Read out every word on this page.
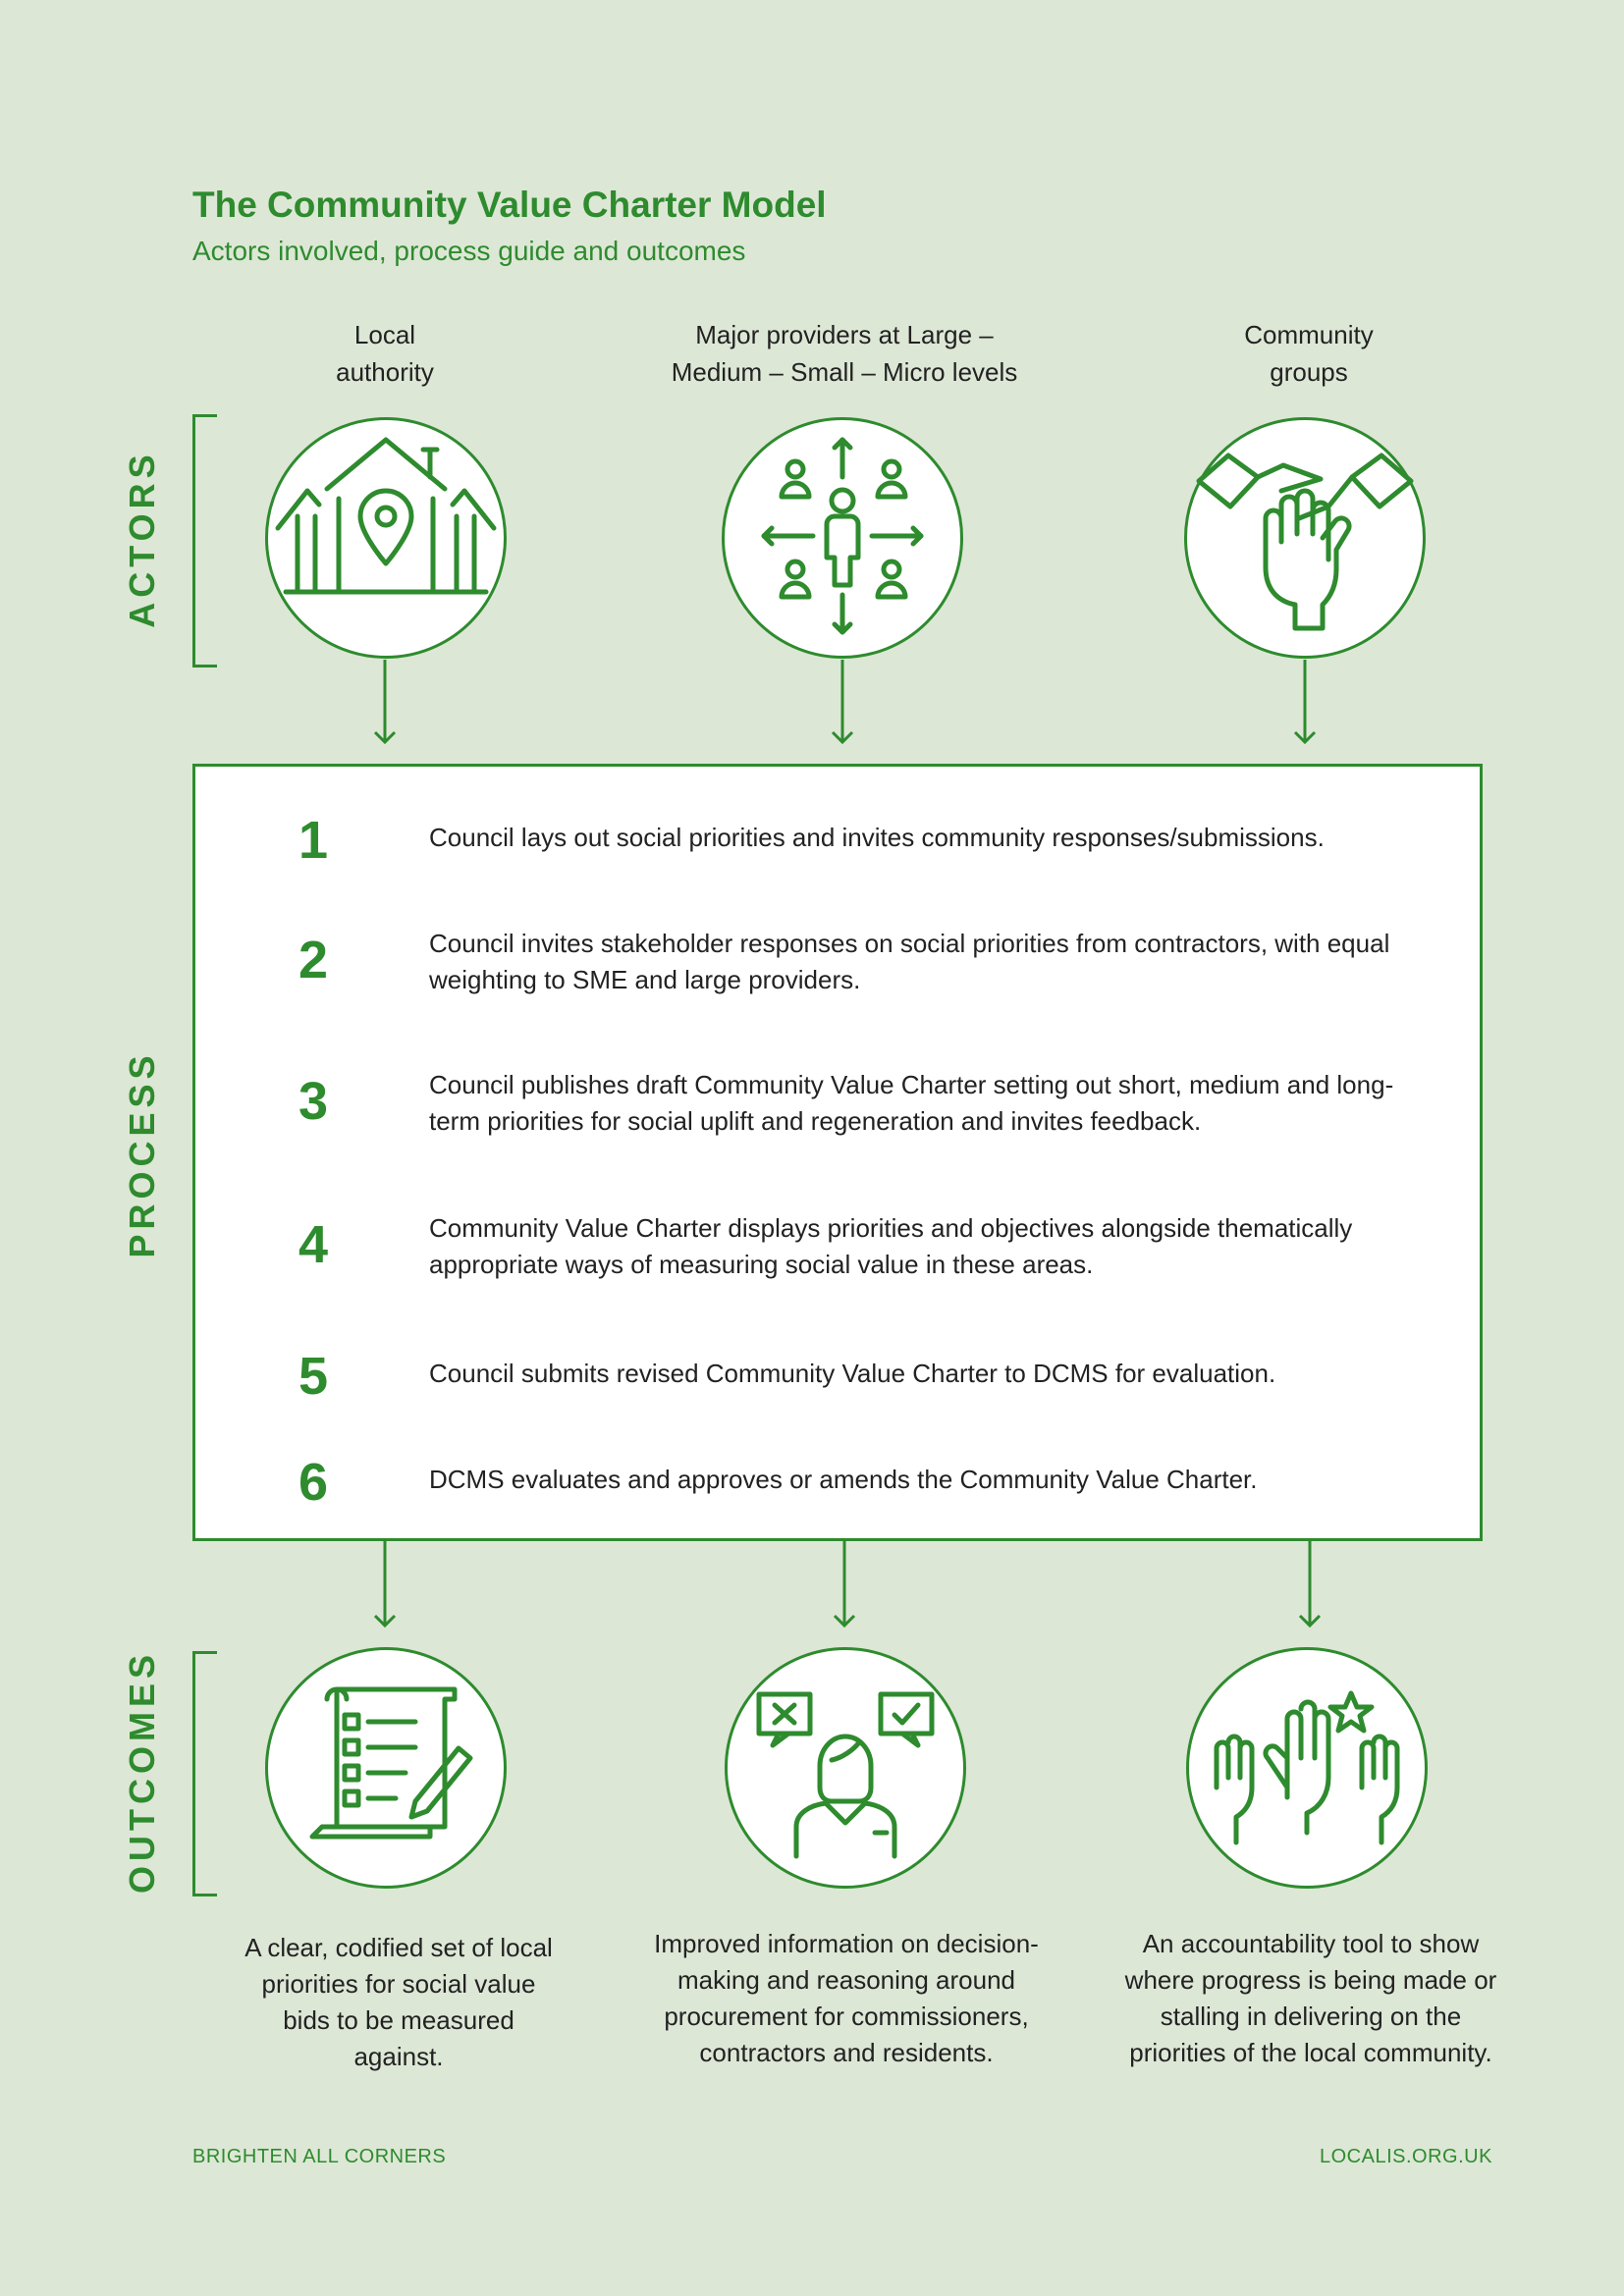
The Community Value Charter Model
Actors involved, process guide and outcomes
Local authority
Major providers at Large – Medium – Small – Micro levels
Community groups
ACTORS
PROCESS
1	Council lays out social priorities and invites community responses/submissions.
2	Council invites stakeholder responses on social priorities from contractors, with equal weighting to SME and large providers.
3	Council publishes draft Community Value Charter setting out short, medium and long-term priorities for social uplift and regeneration and invites feedback.
4	Community Value Charter displays priorities and objectives alongside thematically appropriate ways of measuring social value in these areas.
5	Council submits revised Community Value Charter to DCMS for evaluation.
6	DCMS evaluates and approves or amends the Community Value Charter.
OUTCOMES
A clear, codified set of local priorities for social value bids to be measured against.
Improved information on decision-making and reasoning around procurement for commissioners, contractors and residents.
An accountability tool to show where progress is being made or stalling in delivering on the priorities of the local community.
BRIGHTEN ALL CORNERS	LOCALIS.ORG.UK
